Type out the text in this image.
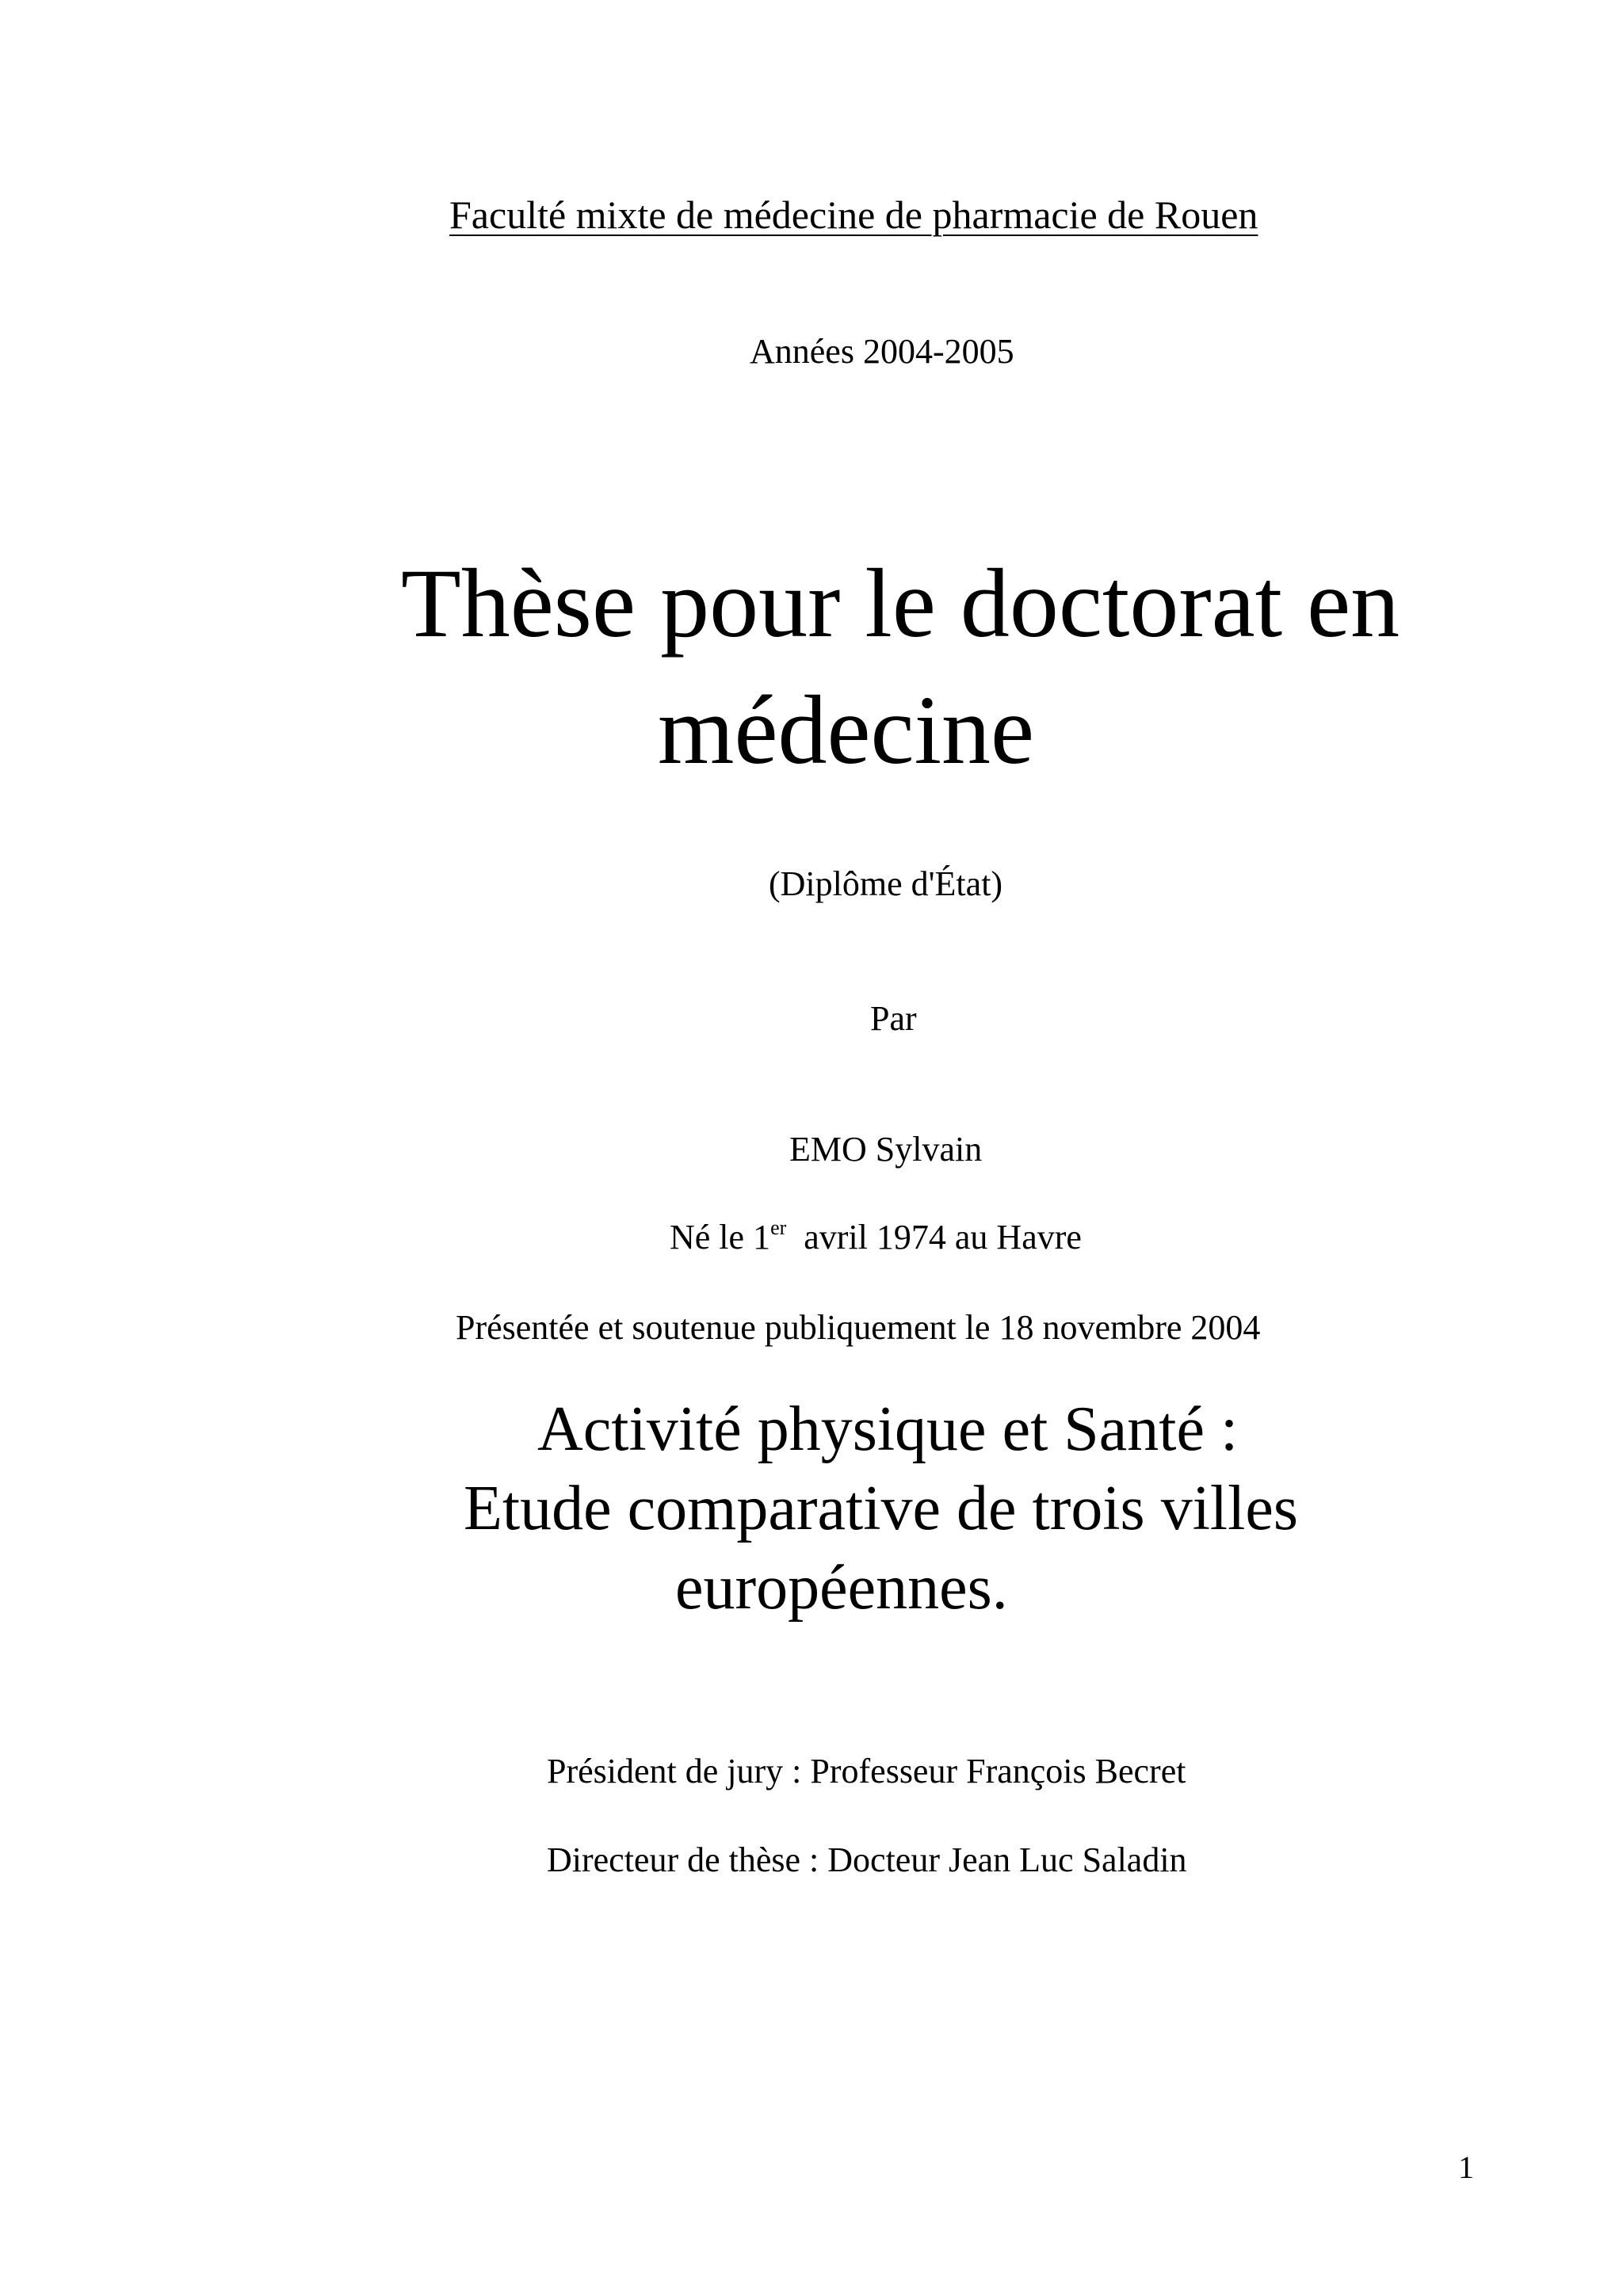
Faculté mixte de médecine de pharmacie de Rouen
Années 2004-2005
Thèse pour le doctorat en
médecine
(Diplôme d'État)
Par
EMO Sylvain
Né le 1er  avril 1974 au Havre
Présentée et soutenue publiquement le 18 novembre 2004
Activité physique et Santé :
Etude comparative de trois villes
européennes.
Président de jury : Professeur François Becret
Directeur de thèse : Docteur Jean Luc Saladin
1
